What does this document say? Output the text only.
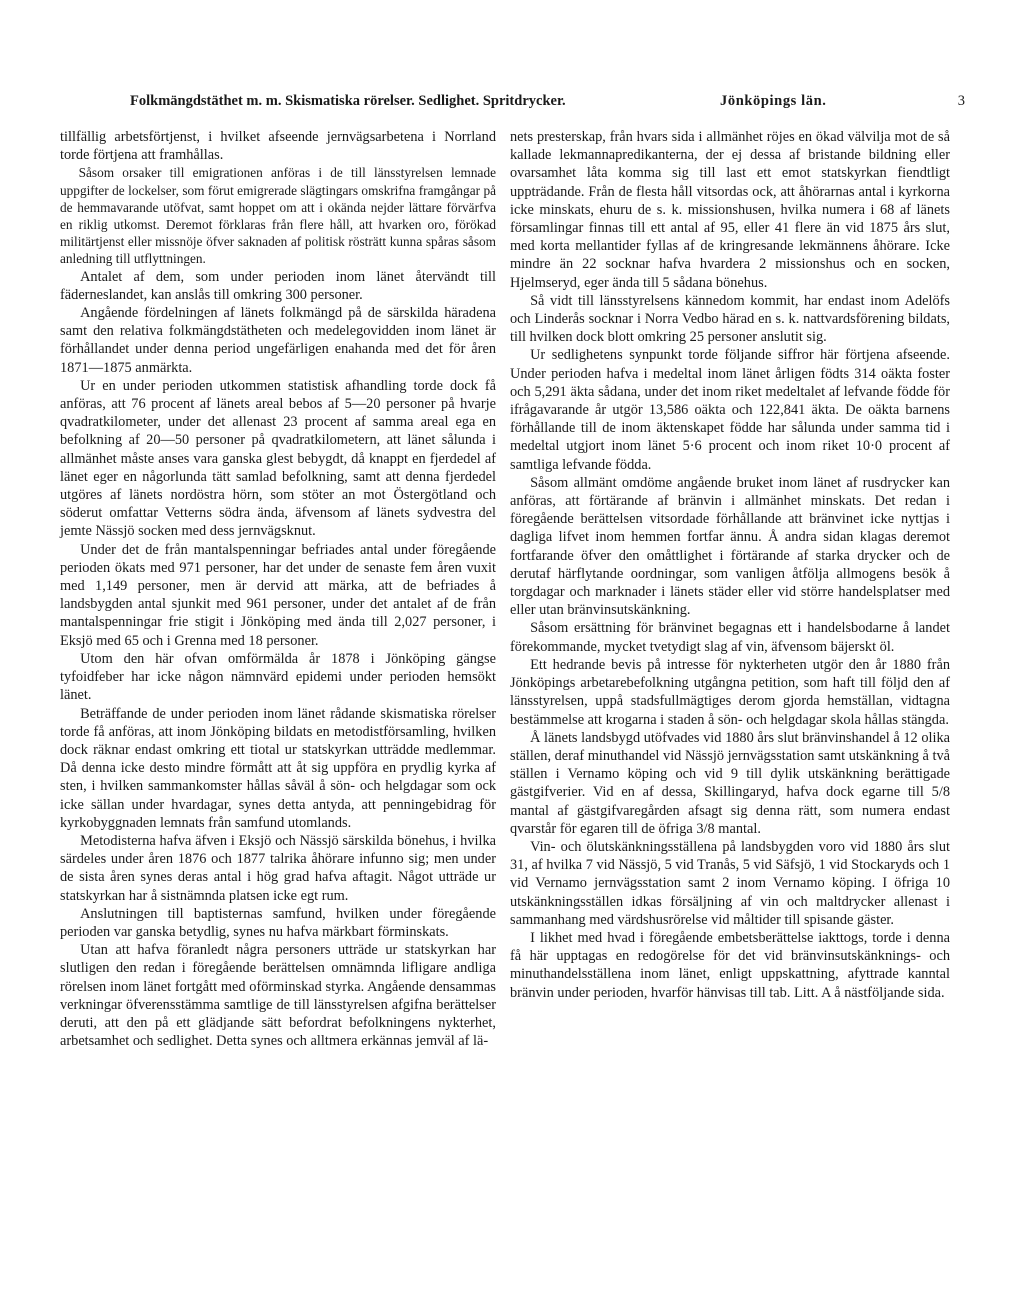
Folkmängdstäthet m. m. Skismatiska rörelser. Sedlighet. Spritdrycker.	Jönköpings län.	3

tillfällig arbetsförtjenst, i hvilket afseende jernvägsarbetena i Norrland torde förtjena att framhållas.

Såsom orsaker till emigrationen anföras i de till länsstyrelsen lemnade uppgifter de lockelser, som förut emigrerade slägtingars omskrifna framgångar på de hemmavarande utöfvat, samt hoppet om att i okända nejder lättare förvärfva en riklig utkomst. Deremot förklaras från flere håll, att hvarken oro, förökad militärtjenst eller missnöje öfver saknaden af politisk rösträtt kunna spåras såsom anledning till utflyttningen.

Antalet af dem, som under perioden inom länet återvändt till fäderneslandet, kan anslås till omkring 300 personer.

Angående fördelningen af länets folkmängd på de särskilda häradena samt den relativa folkmängdstätheten och medelegovidden inom länet är förhållandet under denna period ungefärligen enahanda med det för åren 1871—1875 anmärkta.

Ur en under perioden utkommen statistisk afhandling torde dock få anföras, att 76 procent af länets areal bebos af 5—20 personer på hvarje qvadratkilometer, under det allenast 23 procent af samma areal ega en befolkning af 20—50 personer på qvadratkilometern, att länet sålunda i allmänhet måste anses vara ganska glest bebygdt, då knappt en fjerdedel af länet eger en någorlunda tätt samlad befolkning, samt att denna fjerdedel utgöres af länets nordöstra hörn, som stöter an mot Östergötland och söderut omfattar Vetterns södra ända, äfvensom af länets sydvestra del jemte Nässjö socken med dess jernvägsknut.

Under det de från mantalspenningar befriades antal under föregående perioden ökats med 971 personer, har det under de senaste fem åren vuxit med 1,149 personer, men är dervid att märka, att de befriades å landsbygden antal sjunkit med 961 personer, under det antalet af de från mantalspenningar frie stigit i Jönköping med ända till 2,027 personer, i Eksjö med 65 och i Grenna med 18 personer.

Utom den här ofvan omförmälda år 1878 i Jönköping gängse tyfoidfeber har icke någon nämnvärd epidemi under perioden hemsökt länet.

Beträffande de under perioden inom länet rådande skismatiska rörelser torde få anföras, att inom Jönköping bildats en metodistförsamling, hvilken dock räknar endast omkring ett tiotal ur statskyrkan utträdde medlemmar. Då denna icke desto mindre förmått att åt sig uppföra en prydlig kyrka af sten, i hvilken sammankomster hållas såväl å sön- och helgdagar som ock icke sällan under hvardagar, synes detta antyda, att penningebidrag för kyrkobyggnaden lemnats från samfund utomlands.

Metodisterna hafva äfven i Eksjö och Nässjö särskilda bönehus, i hvilka särdeles under åren 1876 och 1877 talrika åhörare infunno sig; men under de sista åren synes deras antal i hög grad hafva aftagit. Något utträde ur statskyrkan har å sistnämnda platsen icke egt rum.

Anslutningen till baptisternas samfund, hvilken under föregående perioden var ganska betydlig, synes nu hafva märkbart förminskats.

Utan att hafva föranledt några personers utträde ur statskyrkan har slutligen den redan i föregående berättelsen omnämnda lifligare andliga rörelsen inom länet fortgått med oförminskad styrka. Angående densammas verkningar öfverensstämma samtlige de till länsstyrelsen afgifna berättelser deruti, att den på ett glädjande sätt befordrat befolkningens nykterhet, arbetsamhet och sedlighet. Detta synes och alltmera erkännas jemväl af lä-

nets presterskap, från hvars sida i allmänhet röjes en ökad välvilja mot de så kallade lekmannapredikanterna, der ej dessa af bristande bildning eller ovarsamhet låta komma sig till last ett emot statskyrkan fiendtligt uppträdande. Från de flesta håll vitsordas ock, att åhörarnas antal i kyrkorna icke minskats, ehuru de s. k. missionshusen, hvilka numera i 68 af länets församlingar finnas till ett antal af 95, eller 41 flere än vid 1875 års slut, med korta mellantider fyllas af de kringresande lekmännens åhörare. Icke mindre än 22 socknar hafva hvardera 2 missionshus och en socken, Hjelmseryd, eger ända till 5 sådana bönehus.

Så vidt till länsstyrelsens kännedom kommit, har endast inom Adelöfs och Linderås socknar i Norra Vedbo härad en s. k. nattvardsförening bildats, till hvilken dock blott omkring 25 personer anslutit sig.

Ur sedlighetens synpunkt torde följande siffror här förtjena afseende. Under perioden hafva i medeltal inom länet årligen födts 314 oäkta foster och 5,291 äkta sådana, under det inom riket medeltalet af lefvande födde för ifrågavarande år utgör 13,586 oäkta och 122,841 äkta. De oäkta barnens förhållande till de inom äktenskapet födde har sålunda under samma tid i medeltal utgjort inom länet 5·6 procent och inom riket 10·0 procent af samtliga lefvande födda.

Såsom allmänt omdöme angående bruket inom länet af rusdrycker kan anföras, att förtärande af bränvin i allmänhet minskats. Det redan i föregående berättelsen vitsordade förhållande att bränvinet icke nyttjas i dagliga lifvet inom hemmen fortfar ännu. Å andra sidan klagas deremot fortfarande öfver den omåttlighet i förtärande af starka drycker och de derutaf härflytande oordningar, som vanligen åtfölja allmogens besök å torgdagar och marknader i länets städer eller vid större handelsplatser med eller utan bränvinsutskänkning.

Såsom ersättning för bränvinet begagnas ett i handelsbodarne å landet förekommande, mycket tvetydigt slag af vin, äfvensom bäjerskt öl.

Ett hedrande bevis på intresse för nykterheten utgör den år 1880 från Jönköpings arbetarebefolkning utgångna petition, som haft till följd den af länsstyrelsen, uppå stadsfullmägtiges derom gjorda hemställan, vidtagna bestämmelse att krogarna i staden å sön- och helgdagar skola hållas stängda.

Å länets landsbygd utöfvades vid 1880 års slut bränvinshandel å 12 olika ställen, deraf minuthandel vid Nässjö jernvägsstation samt utskänkning å två ställen i Vernamo köping och vid 9 till dylik utskänkning berättigade gästgifverier. Vid en af dessa, Skillingaryd, hafva dock egarne till 5/8 mantal af gästgifvaregården afsagt sig denna rätt, som numera endast qvarstår för egaren till de öfriga 3/8 mantal.

Vin- och ölutskänkningsställena på landsbygden voro vid 1880 års slut 31, af hvilka 7 vid Nässjö, 5 vid Tranås, 5 vid Säfsjö, 1 vid Stockaryds och 1 vid Vernamo jernvägsstation samt 2 inom Vernamo köping. I öfriga 10 utskänkningsställen idkas försäljning af vin och maltdrycker allenast i sammanhang med värdshusrörelse vid måltider till spisande gäster.

I likhet med hvad i föregående embetsberättelse iakttogs, torde i denna få här upptagas en redogörelse för det vid bränvinsutskänknings- och minuthandelsställena inom länet, enligt uppskattning, afyttrade kanntal bränvin under perioden, hvarför hänvisas till tab. Litt. A å nästföljande sida.
